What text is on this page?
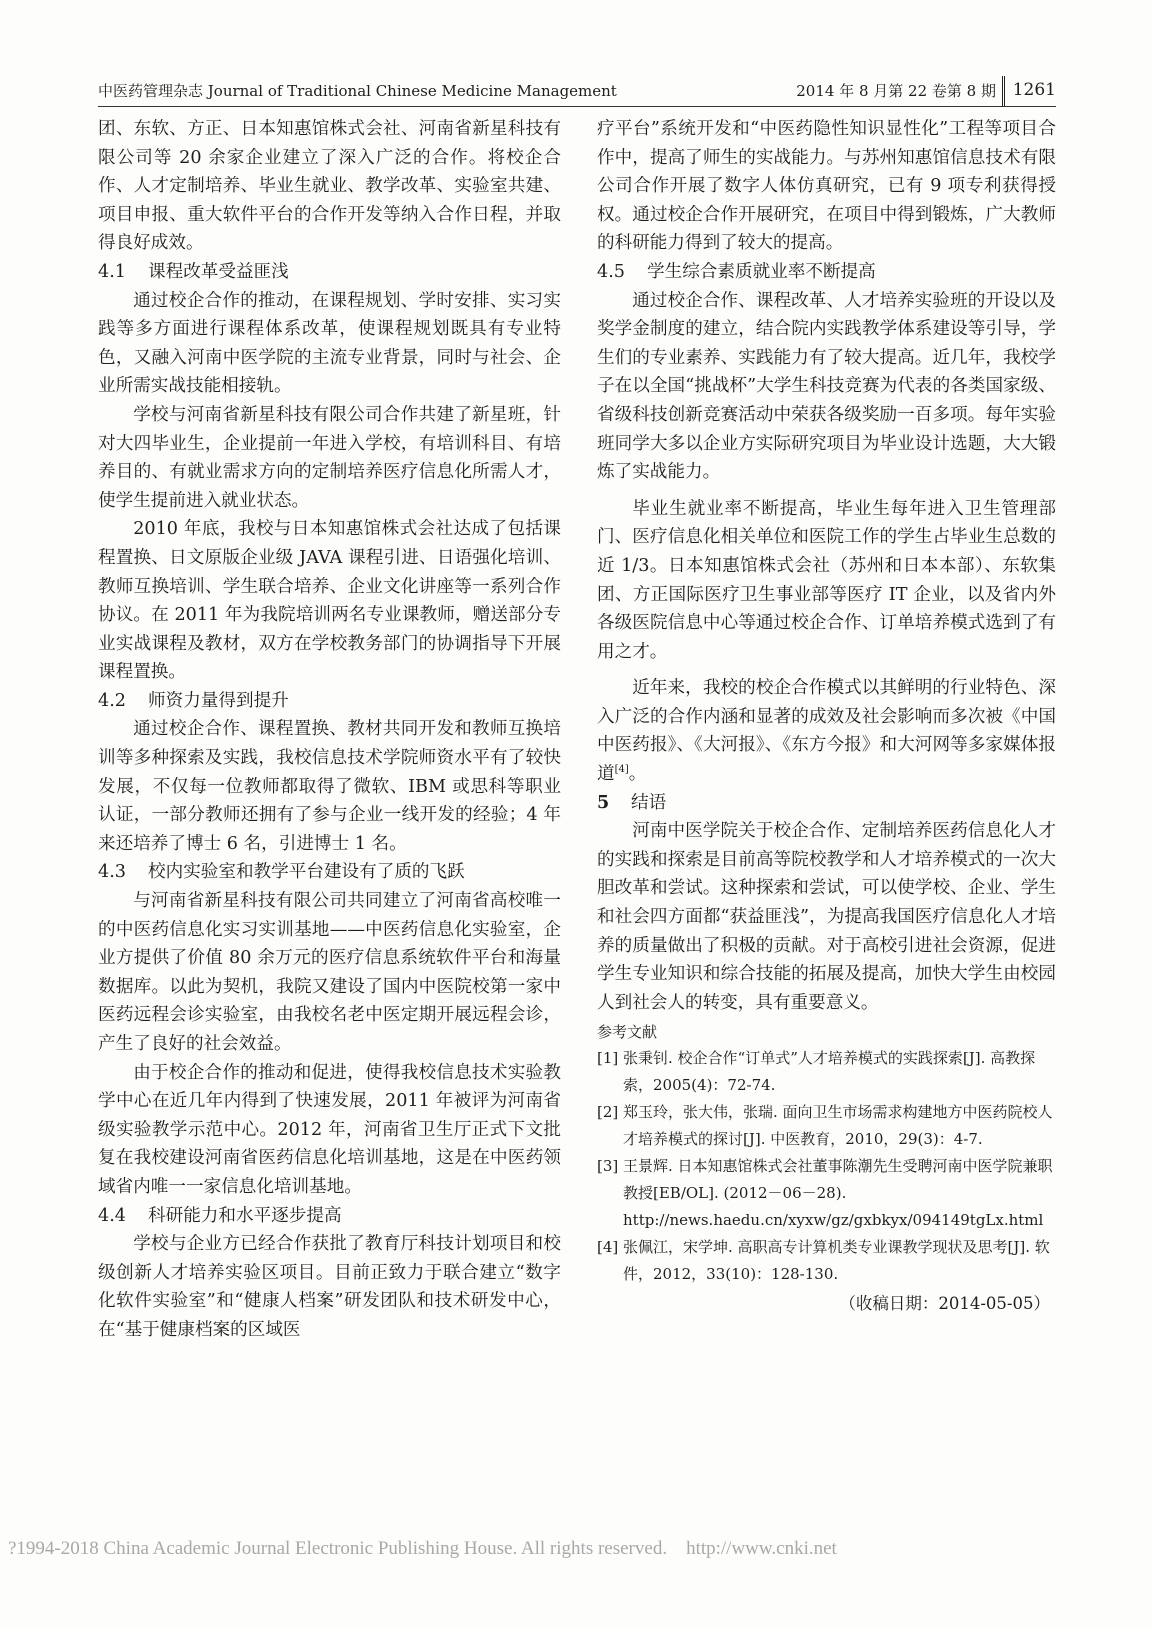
中医药管理杂志 Journal of Traditional Chinese Medicine Management	2014 年 8 月第 22 卷第 8 期 1261

团、东软、方正、日本知惠馆株式会社、河南省新星科技有限公司等 20 余家企业建立了深入广泛的合作。将校企合作、人才定制培养、毕业生就业、教学改革、实验室共建、项目申报、重大软件平台的合作开发等纳入合作日程，并取得良好成效。

4.1 课程改革受益匪浅

通过校企合作的推动，在课程规划、学时安排、实习实践等多方面进行课程体系改革，使课程规划既具有专业特色，又融入河南中医学院的主流专业背景，同时与社会、企业所需实战技能相接轨。

学校与河南省新星科技有限公司合作共建了新星班，针对大四毕业生，企业提前一年进入学校，有培训科目、有培养目的、有就业需求方向的定制培养医疗信息化所需人才，使学生提前进入就业状态。

2010 年底，我校与日本知惠馆株式会社达成了包括课程置换、日文原版企业级 JAVA 课程引进、日语强化培训、教师互换培训、学生联合培养、企业文化讲座等一系列合作协议。在 2011 年为我院培训两名专业课教师，赠送部分专业实战课程及教材，双方在学校教务部门的协调指导下开展课程置换。

4.2 师资力量得到提升

通过校企合作、课程置换、教材共同开发和教师互换培训等多种探索及实践，我校信息技术学院师资水平有了较快发展，不仅每一位教师都取得了微软、IBM 或思科等职业认证，一部分教师还拥有了参与企业一线开发的经验；4 年来还培养了博士 6 名，引进博士 1 名。

4.3 校内实验室和教学平台建设有了质的飞跃

与河南省新星科技有限公司共同建立了河南省高校唯一的中医药信息化实习实训基地——中医药信息化实验室，企业方提供了价值 80 余万元的医疗信息系统软件平台和海量数据库。以此为契机，我院又建设了国内中医院校第一家中医药远程会诊实验室，由我校名老中医定期开展远程会诊，产生了良好的社会效益。

由于校企合作的推动和促进，使得我校信息技术实验教学中心在近几年内得到了快速发展，2011 年被评为河南省级实验教学示范中心。2012 年，河南省卫生厅正式下文批复在我校建设河南省医药信息化培训基地，这是在中医药领域省内唯一一家信息化培训基地。

4.4 科研能力和水平逐步提高

学校与企业方已经合作获批了教育厅科技计划项目和校级创新人才培养实验区项目。目前正致力于联合建立“数字化软件实验室”和“健康人档案”研发团队和技术研发中心，在“基于健康档案的区域医

疗平台”系统开发和“中医药隐性知识显性化”工程等项目合作中，提高了师生的实战能力。与苏州知惠馆信息技术有限公司合作开展了数字人体仿真研究，已有 9 项专利获得授权。通过校企合作开展研究，在项目中得到锻炼，广大教师的科研能力得到了较大的提高。

4.5 学生综合素质就业率不断提高

通过校企合作、课程改革、人才培养实验班的开设以及奖学金制度的建立，结合院内实践教学体系建设等引导，学生们的专业素养、实践能力有了较大提高。近几年，我校学子在以全国“挑战杯”大学生科技竞赛为代表的各类国家级、省级科技创新竞赛活动中荣获各级奖励一百多项。每年实验班同学大多以企业方实际研究项目为毕业设计选题，大大锻炼了实战能力。

毕业生就业率不断提高，毕业生每年进入卫生管理部门、医疗信息化相关单位和医院工作的学生占毕业生总数的近 1/3。日本知惠馆株式会社（苏州和日本本部）、东软集团、方正国际医疗卫生事业部等医疗 IT 企业，以及省内外各级医院信息中心等通过校企合作、订单培养模式选到了有用之才。

近年来，我校的校企合作模式以其鲜明的行业特色、深入广泛的合作内涵和显著的成效及社会影响而多次被《中国中医药报》、《大河报》、《东方今报》和大河网等多家媒体报道[4]。

5 结语

河南中医学院关于校企合作、定制培养医药信息化人才的实践和探索是目前高等院校教学和人才培养模式的一次大胆改革和尝试。这种探索和尝试，可以使学校、企业、学生和社会四方面都“获益匪浅”，为提高我国医疗信息化人才培养的质量做出了积极的贡献。对于高校引进社会资源，促进学生专业知识和综合技能的拓展及提高，加快大学生由校园人到社会人的转变，具有重要意义。

参考文献

[1] 张秉钊. 校企合作“订单式”人才培养模式的实践探索[J]. 高教探索，2005(4)：72-74.

[2] 郑玉玲，张大伟，张瑞. 面向卫生市场需求构建地方中医药院校人才培养模式的探讨[J]. 中医教育，2010，29(3)：4-7.

[3] 王景辉. 日本知惠馆株式会社董事陈潮先生受聘河南中医学院兼职教授[EB/OL]. (2012－06－28). http://news.haedu.cn/xyxw/gz/gxbkyx/094149tgLx.html

[4] 张佩江，宋学坤. 高职高专计算机类专业课教学现状及思考[J]. 软件，2012，33(10)：128-130.

（收稿日期：2014-05-05）

?1994-2018 China Academic Journal Electronic Publishing House. All rights reserved.    http://www.cnki.net
